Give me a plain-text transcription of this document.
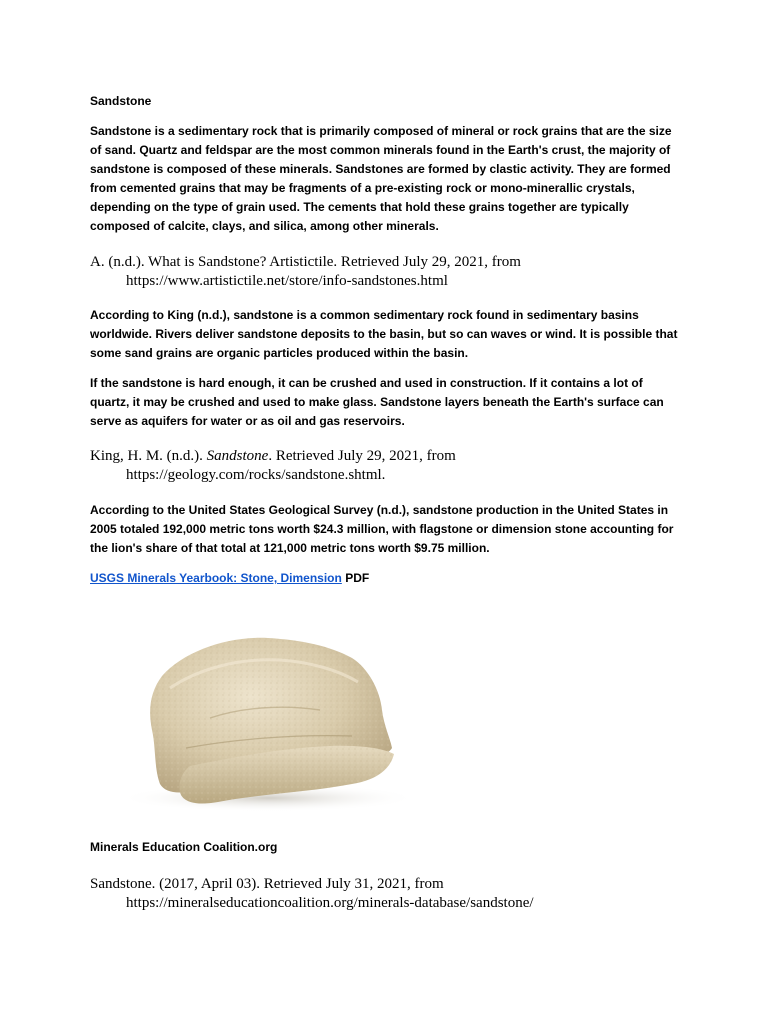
Sandstone

Sandstone is a sedimentary rock that is primarily composed of mineral or rock grains that are the size of sand. Quartz and feldspar are the most common minerals found in the Earth's crust, the majority of sandstone is composed of these minerals. Sandstones are formed by clastic activity. They are formed from cemented grains that may be fragments of a pre-existing rock or mono-minerallic crystals, depending on the type of grain used. The cements that hold these grains together are typically composed of calcite, clays, and silica, among other minerals.

A. (n.d.). What is Sandstone? Artistictile. Retrieved July 29, 2021, from
https://www.artistictile.net/store/info-sandstones.html

According to King (n.d.), sandstone is a common sedimentary rock found in sedimentary basins worldwide. Rivers deliver sandstone deposits to the basin, but so can waves or wind. It is possible that some sand grains are organic particles produced within the basin.

If the sandstone is hard enough, it can be crushed and used in construction. If it contains a lot of quartz, it may be crushed and used to make glass. Sandstone layers beneath the Earth's surface can serve as aquifers for water or as oil and gas reservoirs.

King, H. M. (n.d.). Sandstone. Retrieved July 29, 2021, from
https://geology.com/rocks/sandstone.shtml.

According to the United States Geological Survey (n.d.), sandstone production in the United States in 2005 totaled 192,000 metric tons worth $24.3 million, with flagstone or dimension stone accounting for the lion's share of that total at 121,000 metric tons worth $9.75 million.

USGS Minerals Yearbook: Stone, Dimension PDF

Minerals Education Coalition.org

Sandstone. (2017, April 03). Retrieved July 31, 2021, from
https://mineralseducationcoalition.org/minerals-database/sandstone/
